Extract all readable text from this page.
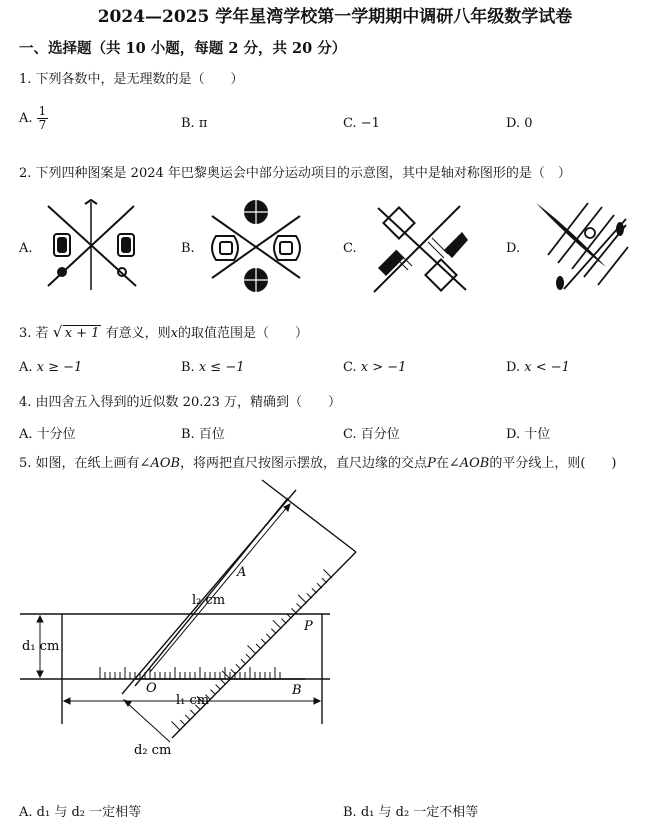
2024—2025 学年星湾学校第一学期期中调研八年级数学试卷
一、选择题（共 10 小题，每题 2 分，共 20 分）
1. 下列各数中，是无理数的是（　　）
A. $\frac{1}{7}$	B. π	C. −1	D. 0
2. 下列四种图案是 2024 年巴黎奥运会中部分运动项目的示意图，其中是轴对称图形的是（　）
A.	B.	C.	D.
3. 若 √ x + 1 有意义，则x的取值范围是（　　）
A. x ≥ −1	B. x ≤ −1	C. x > −1	D. x < −1
4. 由四舍五入得到的近似数 20.23 万，精确到（　　）
A. 十分位	B. 百位	C. 百分位	D. 十位
5. 如图，在纸上画有∠AOB，将两把直尺按图示摆放，直尺边缘的交点P在∠AOB的平分线上，则(　　)
A
B
O
P
l₁ cm
l₂ cm
d₁ cm
d₂ cm
A. d₁ 与 d₂ 一定相等	B. d₁ 与 d₂ 一定不相等
